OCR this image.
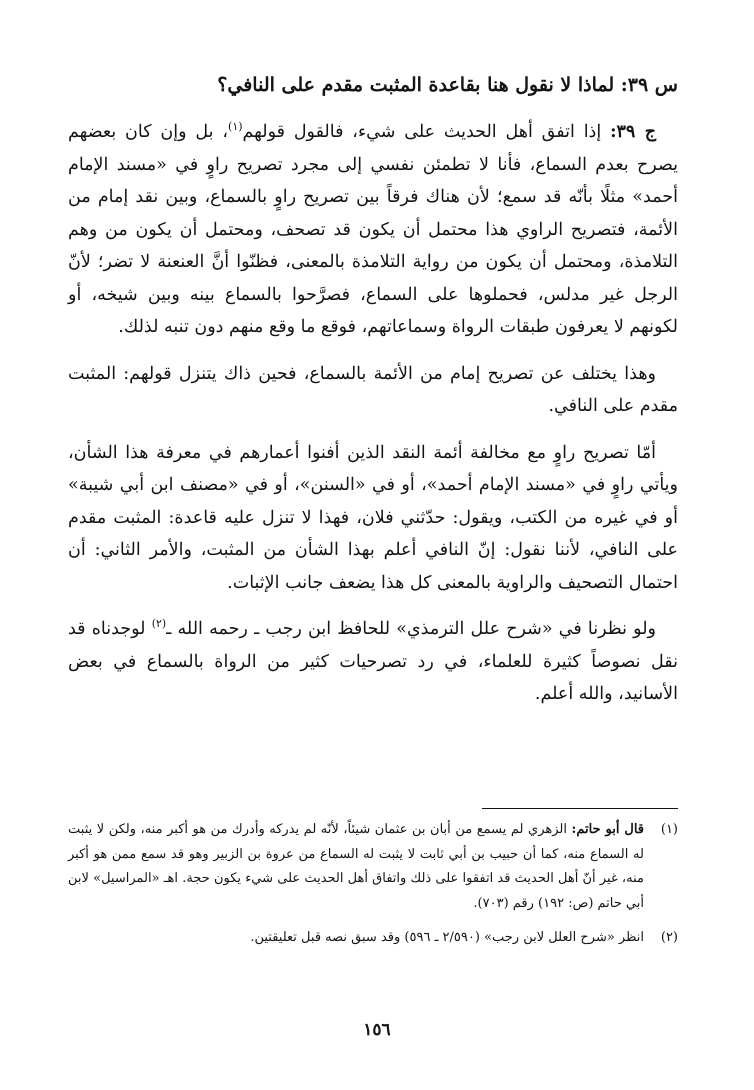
س ٣٩: لماذا لا نقول هنا بقاعدة المثبت مقدم على النافي؟

ج ٣٩: إذا اتفق أهل الحديث على شيء، فالقول قولهم$^{(١)}$، بل وإن كان بعضهم يصرح بعدم السماع، فأنا لا تطمئن نفسي إلى مجرد تصريح راوٍ في «مسند الإمام أحمد» مثلًا بأنّه قد سمع؛ لأن هناك فرقاً بين تصريح راوٍ بالسماع، وبين نقد إمام من الأئمة، فتصريح الراوي هذا محتمل أن يكون قد تصحف، ومحتمل أن يكون من وهم التلامذة، ومحتمل أن يكون من رواية التلامذة بالمعنى، فظنّوا أنَّ العنعنة لا تضر؛ لأنّ الرجل غير مدلس، فحملوها على السماع، فصرَّحوا بالسماع بينه وبين شيخه، أو لكونهم لا يعرفون طبقات الرواة وسماعاتهم، فوقع ما وقع منهم دون تنبه لذلك.

وهذا يختلف عن تصريح إمام من الأئمة بالسماع، فحين ذاك يتنزل قولهم: المثبت مقدم على النافي.

أمّا تصريح راوٍ مع مخالفة أئمة النقد الذين أفنوا أعمارهم في معرفة هذا الشأن، ويأتي راوٍ في «مسند الإمام أحمد»، أو في «السنن»، أو في «مصنف ابن أبي شيبة» أو في غيره من الكتب، ويقول: حدّثني فلان، فهذا لا تنزل عليه قاعدة: المثبت مقدم على النافي، لأننا نقول: إنّ النافي أعلم بهذا الشأن من المثبت، والأمر الثاني: أن احتمال التصحيف والراوية بالمعنى كل هذا يضعف جانب الإثبات.

ولو نظرنا في «شرح علل الترمذي» للحافظ ابن رجب ـ رحمه الله ـ$^{(٢)}$ لوجدناه قد نقل نصوصاً كثيرة للعلماء، في رد تصرحيات كثير من الرواة بالسماع في بعض الأسانيد، والله أعلم.

(١)
قال أبو حاتم: الزهري لم يسمع من أبان بن عثمان شيئاً، لأنّه لم يدركه وأدرك من هو أكبر منه، ولكن لا يثبت له السماع منه، كما أن حبيب بن أبي ثابت لا يثبت له السماع من عروة بن الزبير وهو قد سمع ممن هو أكبر منه، غير أنّ أهل الحديث قد اتفقوا على ذلك واتفاق أهل الحديث على شيء يكون حجة. اهـ «المراسيل» لابن أبي حاتم (ص: ١٩٢) رقم (٧٠٣).
(٢)
انظر «شرح العلل لابن رجب» (٢/٥٩٠ ـ ٥٩٦) وقد سبق نصه قبل تعليقتين.
١٥٦
